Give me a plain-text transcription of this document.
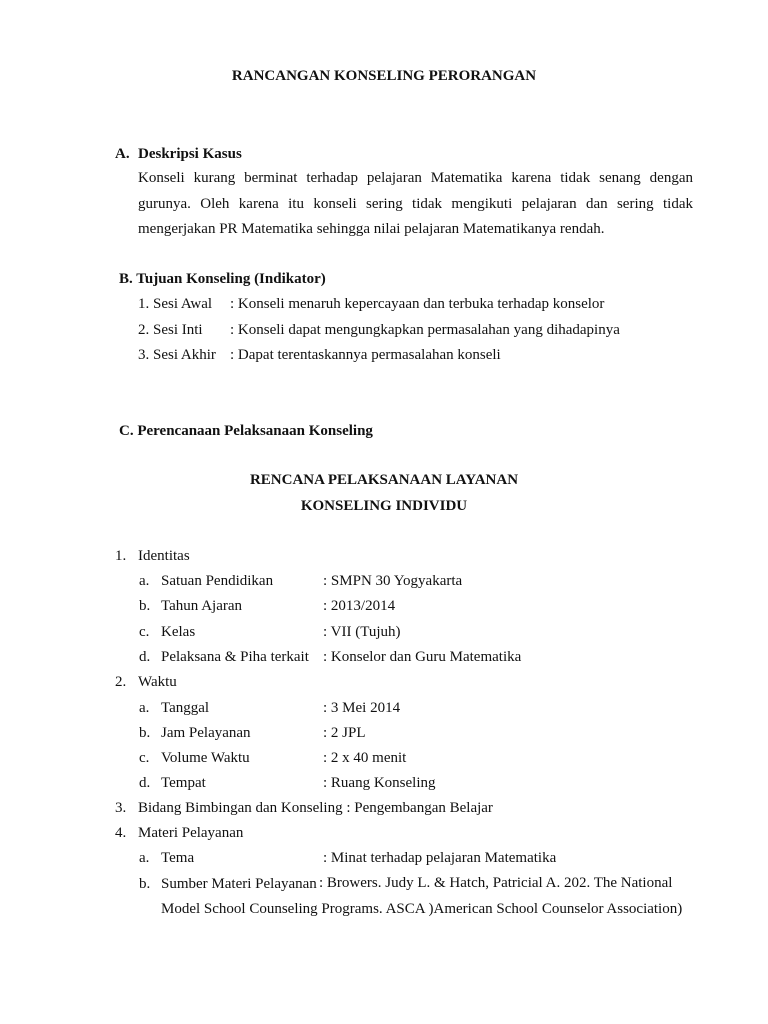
RANCANGAN KONSELING PERORANGAN
A. Deskripsi Kasus
Konseli kurang berminat terhadap pelajaran Matematika karena tidak senang dengan gurunya. Oleh karena itu konseli sering tidak mengikuti pelajaran dan sering tidak mengerjakan PR Matematika sehingga nilai pelajaran Matematikanya rendah.
B. Tujuan Konseling (Indikator)
1. Sesi Awal : Konseli menaruh kepercayaan dan terbuka terhadap konselor
2. Sesi Inti : Konseli dapat mengungkapkan permasalahan yang dihadapinya
3. Sesi Akhir : Dapat terentaskannya permasalahan konseli
C. Perencanaan Pelaksanaan Konseling
RENCANA PELAKSANAAN LAYANAN
KONSELING INDIVIDU
1. Identitas
a. Satuan Pendidikan	: SMPN 30 Yogyakarta
b. Tahun Ajaran	: 2013/2014
c. Kelas	: VII (Tujuh)
d. Pelaksana & Piha terkait : Konselor dan Guru Matematika
2. Waktu
a. Tanggal	: 3 Mei 2014
b. Jam Pelayanan	: 2 JPL
c. Volume Waktu	: 2 x 40 menit
d. Tempat	: Ruang Konseling
3. Bidang Bimbingan dan Konseling : Pengembangan Belajar
4. Materi Pelayanan
a. Tema	: Minat terhadap pelajaran Matematika
b. Sumber Materi Pelayanan : Browers. Judy L. & Hatch, Patricial A. 202. The National Model School Counseling Programs. ASCA )American School Counselor Association)
